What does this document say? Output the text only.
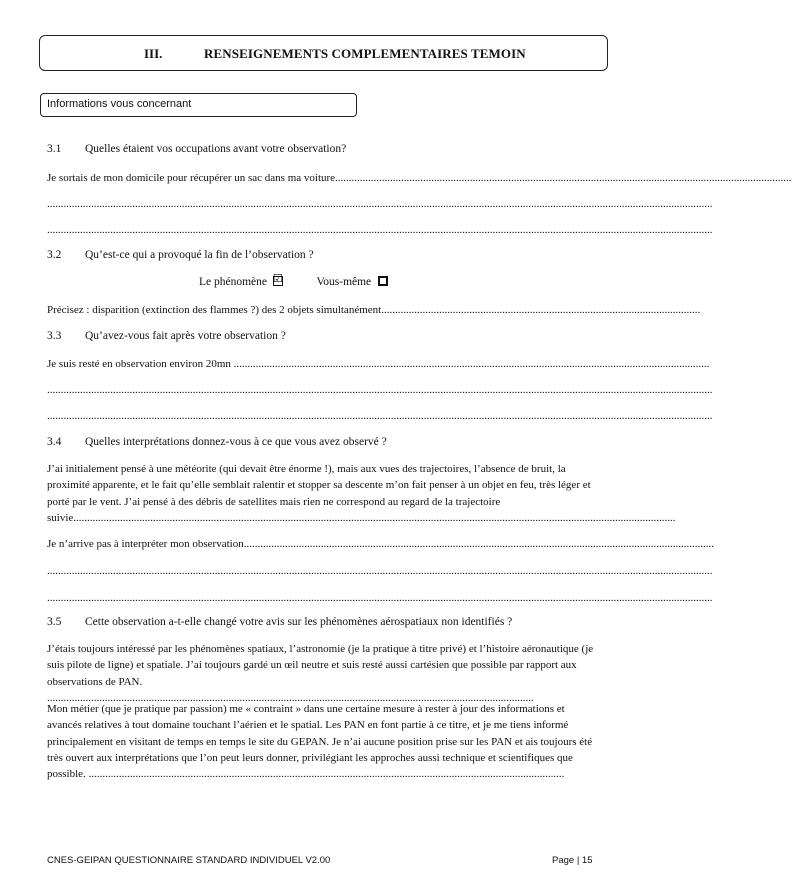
III.	RENSEIGNEMENTS COMPLEMENTAIRES TEMOIN
Informations vous concernant
3.1 Quelles étaient vos occupations avant votre observation?
Je sortais de mon domicile pour récupérer un sac dans ma voiture......................................................................................................................................................................
..................................................................................................................................................................................................................................................
..................................................................................................................................................................................................................................................
3.2 Qu’est-ce qui a provoqué la fin de l’observation ?
Le phénomène ☑	Vous-même
Précisez : disparition (extinction des flammes ?) des 2 objets simultanément....................................................................................................................
3.3 Qu’avez-vous fait après votre observation ?
Je suis resté en observation environ 20mn .............................................................................................................................................................................
..................................................................................................................................................................................................................................................
..................................................................................................................................................................................................................................................
3.4 Quelles interprétations donnez-vous à ce que vous avez observé ?
J’ai initialement pensé à une météorite (qui devait être énorme !), mais aux vues des trajectoires, l’absence de bruit, la proximité apparente, et le fait qu’elle semblait ralentir et stopper sa descente m’on fait penser à un objet en feu, très léger et porté par le vent. J’ai pensé à des débris de satellites mais rien ne correspond au regard de la trajectoire suivie...........................................................................................................................................................................................................................
Je n’arrive pas à interpréter mon observation...........................................................................................................................................................................
..................................................................................................................................................................................................................................................
..................................................................................................................................................................................................................................................
3.5 Cette observation a-t-elle changé votre avis sur les phénomènes aérospatiaux non identifiés ?
J’étais toujours intéressé par les phénomènes spatiaux, l’astronomie (je la pratique à titre privé) et l’histoire aéronautique (je suis pilote de ligne) et spatiale. J’ai toujours gardé un œil neutre et suis resté aussi cartésien que possible par rapport aux observations de PAN. .................................................................................................................................................................................
Mon métier (que je pratique par passion) me « contraint » dans une certaine mesure à rester à jour des informations et avancés relatives à tout domaine touchant l’aérien et le spatial. Les PAN en font partie à ce titre, et je me tiens informé principalement en visitant de temps en temps le site du GEPAN. Je n’ai aucune position prise sur les PAN et ais toujours été très ouvert aux interprétations que l’on peut leurs donner, privilégiant les approches aussi technique et scientifiques que possible. .............................................................................................................................................................................
CNES-GEIPAN QUESTIONNAIRE STANDARD INDIVIDUEL V2.00	Page | 15
